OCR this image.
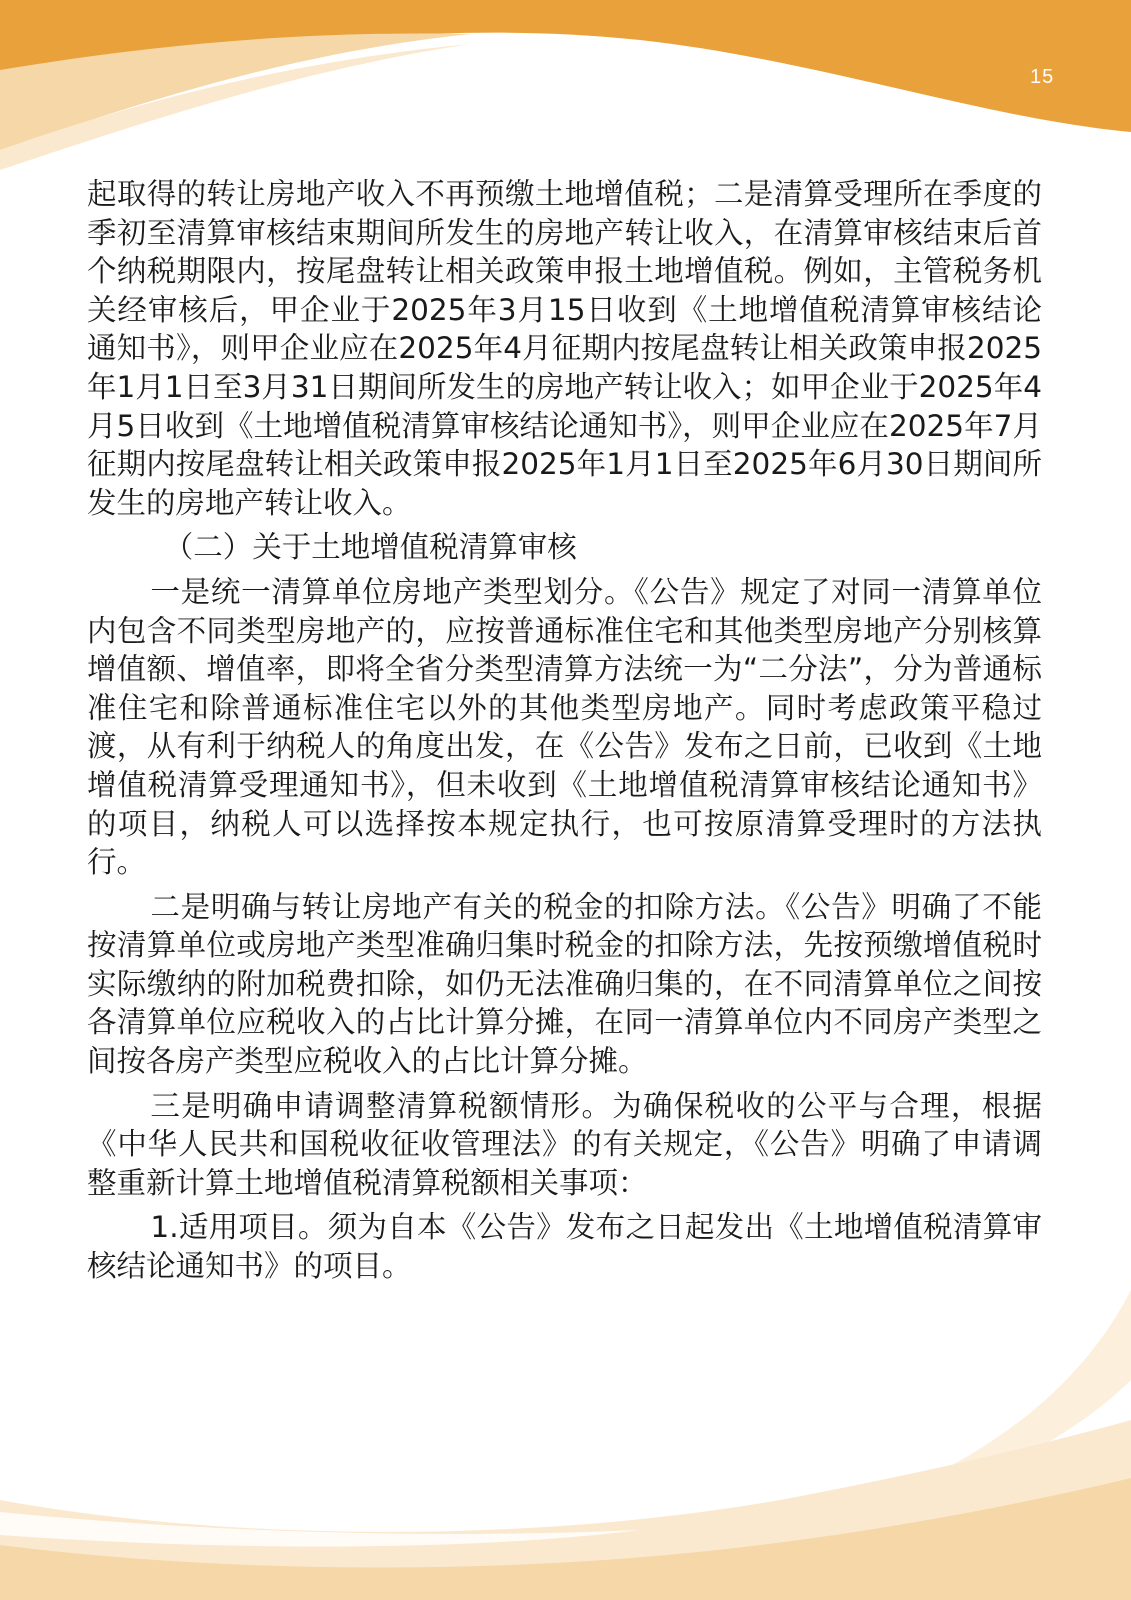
15

起取得的转让房地产收入不再预缴土地增值税；二是清算受理所在季度的季初至清算审核结束期间所发生的房地产转让收入，在清算审核结束后首个纳税期限内，按尾盘转让相关政策申报土地增值税。例如，主管税务机关经审核后，甲企业于2025年3月15日收到《土地增值税清算审核结论通知书》，则甲企业应在2025年4月征期内按尾盘转让相关政策申报2025年1月1日至3月31日期间所发生的房地产转让收入；如甲企业于2025年4月5日收到《土地增值税清算审核结论通知书》，则甲企业应在2025年7月征期内按尾盘转让相关政策申报2025年1月1日至2025年6月30日期间所发生的房地产转让收入。

（二）关于土地增值税清算审核

一是统一清算单位房地产类型划分。《公告》规定了对同一清算单位内包含不同类型房地产的，应按普通标准住宅和其他类型房地产分别核算增值额、增值率，即将全省分类型清算方法统一为“二分法”，分为普通标准住宅和除普通标准住宅以外的其他类型房地产。同时考虑政策平稳过渡，从有利于纳税人的角度出发，在《公告》发布之日前，已收到《土地增值税清算受理通知书》，但未收到《土地增值税清算审核结论通知书》的项目，纳税人可以选择按本规定执行，也可按原清算受理时的方法执行。

二是明确与转让房地产有关的税金的扣除方法。《公告》明确了不能按清算单位或房地产类型准确归集时税金的扣除方法，先按预缴增值税时实际缴纳的附加税费扣除，如仍无法准确归集的，在不同清算单位之间按各清算单位应税收入的占比计算分摊，在同一清算单位内不同房产类型之间按各房产类型应税收入的占比计算分摊。

三是明确申请调整清算税额情形。为确保税收的公平与合理，根据《中华人民共和国税收征收管理法》的有关规定，《公告》明确了申请调整重新计算土地增值税清算税额相关事项：

1.适用项目。须为自本《公告》发布之日起发出《土地增值税清算审核结论通知书》的项目。
